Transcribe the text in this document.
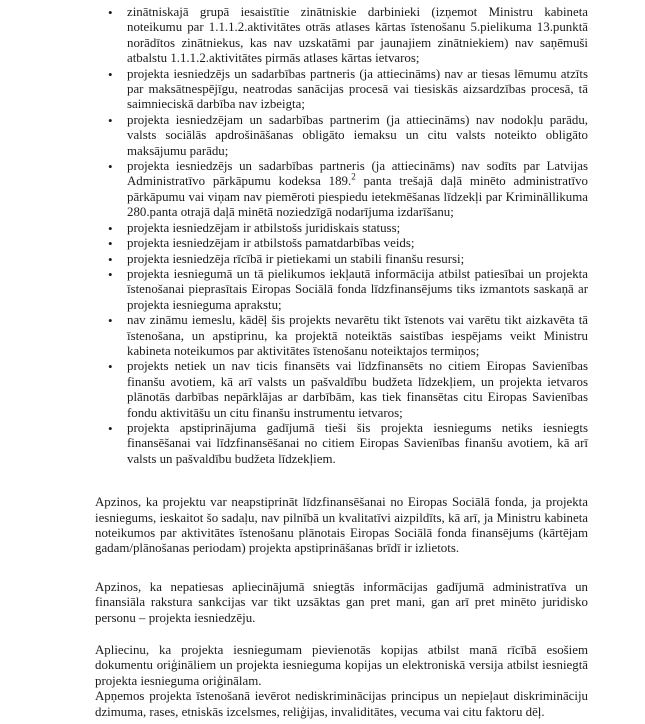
• zinātniskajā grupā iesaistītie zinātniskie darbinieki (izņemot Ministru kabineta noteikumu par 1.1.1.2.aktivitātes otrās atlases kārtas īstenošanu 5.pielikuma 13.punktā norādītos zinātniekus, kas nav uzskatāmi par jaunajiem zinātniekiem) nav saņēmuši atbalstu 1.1.1.2.aktivitātes pirmās atlases kārtas ietvaros;
• projekta iesniedzējs un sadarbības partneris (ja attiecināms) nav ar tiesas lēmumu atzīts par maksātnespējīgu, neatrodas sanācijas procesā vai tiesiskās aizsardzības procesā, tā saimnieciskā darbība nav izbeigta;
• projekta iesniedzējam un sadarbības partnerim (ja attiecināms) nav nodokļu parādu, valsts sociālās apdrošināšanas obligāto iemaksu un citu valsts noteikto obligāto maksājumu parādu;
• projekta iesniedzējs un sadarbības partneris (ja attiecināms) nav sodīts par Latvijas Administratīvo pārkāpumu kodeksa 189.$^2$ panta trešajā daļā minēto administratīvo pārkāpumu vai viņam nav piemēroti piespiedu ietekmēšanas līdzekļi par Krimināllikuma 280.panta otrajā daļā minētā noziedzīgā nodarījuma izdarīšanu;
• projekta iesniedzējam ir atbilstošs juridiskais statuss;
• projekta iesniedzējam ir atbilstošs pamatdarbības veids;
• projekta iesniedzēja rīcībā ir pietiekami un stabili finanšu resursi;
• projekta iesniegumā un tā pielikumos iekļautā informācija atbilst patiesībai un projekta īstenošanai pieprasītais Eiropas Sociālā fonda līdzfinansējums tiks izmantots saskaņā ar projekta iesnieguma aprakstu;
• nav zināmu iemeslu, kādēļ šis projekts nevarētu tikt īstenots vai varētu tikt aizkavēta tā īstenošana, un apstiprinu, ka projektā noteiktās saistības iespējams veikt Ministru kabineta noteikumos par aktivitātes īstenošanu noteiktajos termiņos;
• projekts netiek un nav ticis finansēts vai līdzfinansēts no citiem Eiropas Savienības finanšu avotiem, kā arī valsts un pašvaldību budžeta līdzekļiem, un projekta ietvaros plānotās darbības nepārklājas ar darbībām, kas tiek finansētas citu Eiropas Savienības fondu aktivitāšu un citu finanšu instrumentu ietvaros;
• projekta apstiprinājuma gadījumā tieši šis projekta iesniegums netiks iesniegts finansēšanai vai līdzfinansēšanai no citiem Eiropas Savienības finanšu avotiem, kā arī valsts un pašvaldību budžeta līdzekļiem.

Apzinos, ka projektu var neapstiprināt līdzfinansēšanai no Eiropas Sociālā fonda, ja projekta iesniegums, ieskaitot šo sadaļu, nav pilnībā un kvalitatīvi aizpildīts, kā arī, ja Ministru kabineta noteikumos par aktivitātes īstenošanu plānotais Eiropas Sociālā fonda finansējums (kārtējam gadam/plānošanas periodam) projekta apstiprināšanas brīdī ir izlietots.

Apzinos, ka nepatiesas apliecinājumā sniegtās informācijas gadījumā administratīva un finansiāla rakstura sankcijas var tikt uzsāktas gan pret mani, gan arī pret minēto juridisko personu – projekta iesniedzēju.

Apliecinu, ka projekta iesniegumam pievienotās kopijas atbilst manā rīcībā esošiem dokumentu oriģināliem un projekta iesnieguma kopijas un elektroniskā versija atbilst iesniegtā projekta iesnieguma oriģinālam.

Apņemos projekta īstenošanā ievērot nediskriminācijas principus un nepieļaut diskrimināciju dzimuma, rases, etniskās izcelsmes, reliģijas, invaliditātes, vecuma vai citu faktoru dēļ.
